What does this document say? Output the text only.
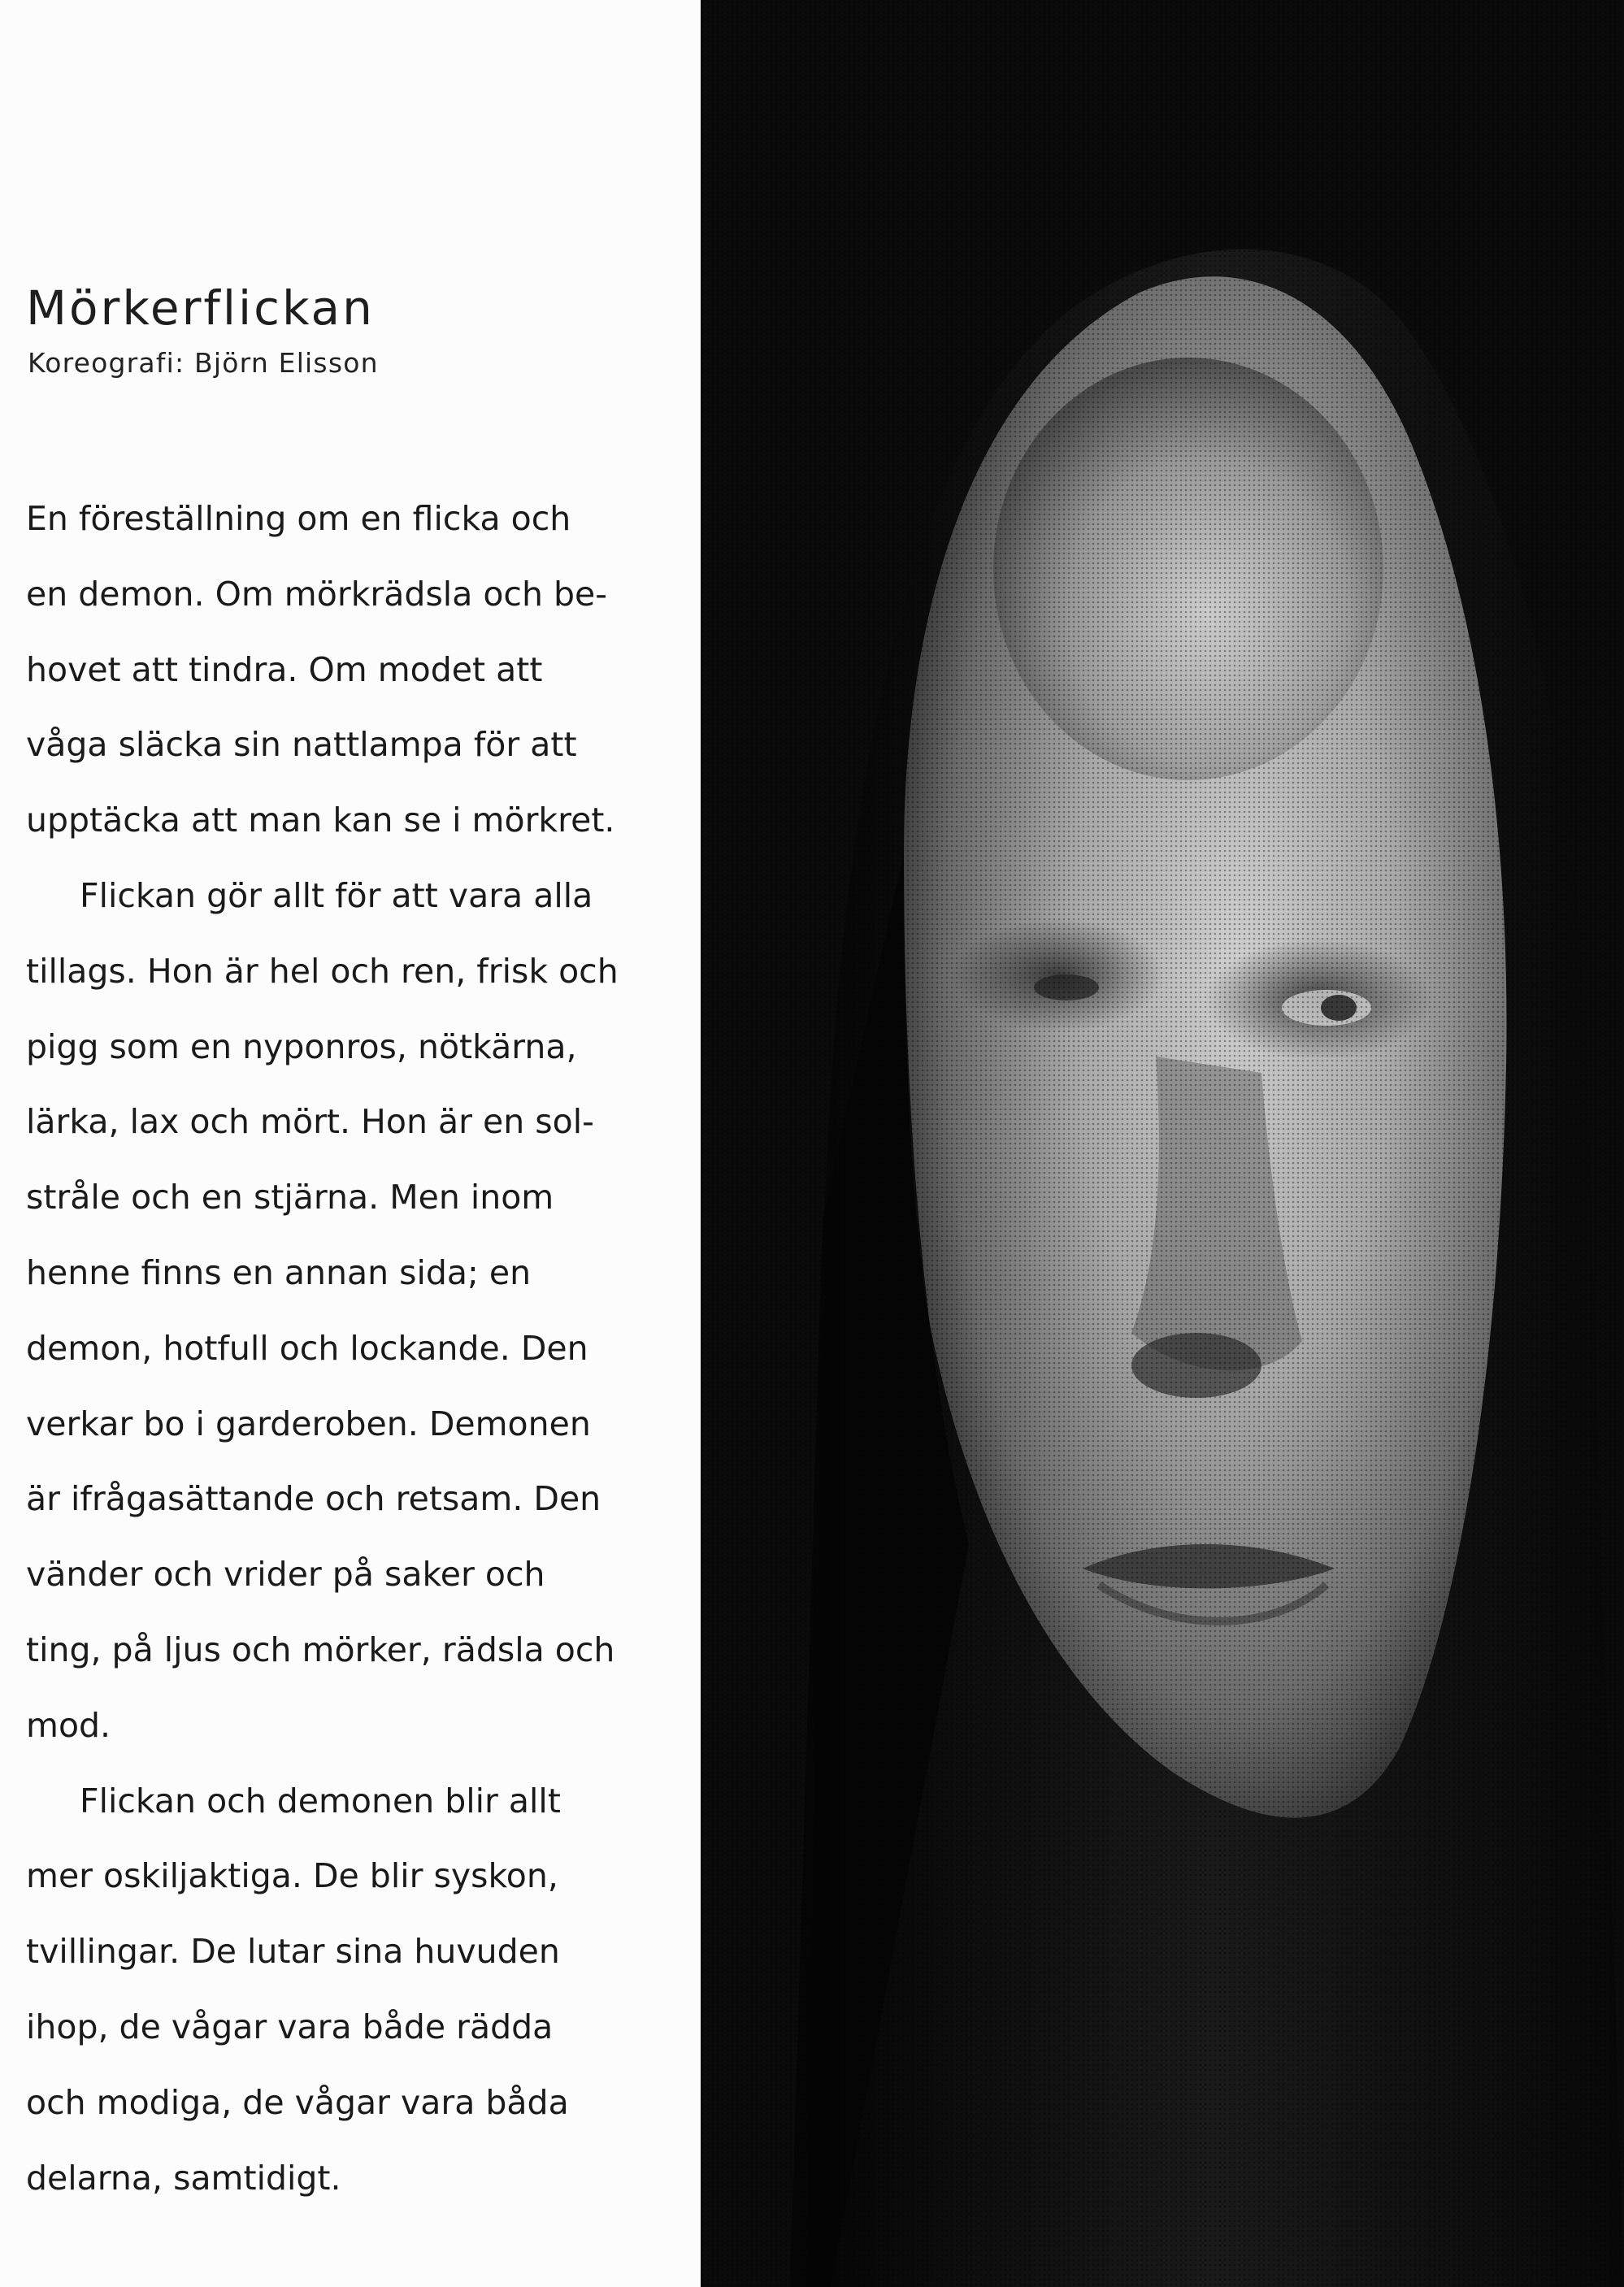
Mörkerflickan
Koreografi: Björn Elisson
En föreställning om en flicka och
en demon. Om mörkrädsla och be-
hovet att tindra. Om modet att
våga släcka sin nattlampa för att
upptäcka att man kan se i mörkret.
Flickan gör allt för att vara alla
tillags. Hon är hel och ren, frisk och
pigg som en nyponros, nötkärna,
lärka, lax och mört. Hon är en sol-
stråle och en stjärna. Men inom
henne finns en annan sida; en
demon, hotfull och lockande. Den
verkar bo i garderoben. Demonen
är ifrågasättande och retsam. Den
vänder och vrider på saker och
ting, på ljus och mörker, rädsla och
mod.
Flickan och demonen blir allt
mer oskiljaktiga. De blir syskon,
tvillingar. De lutar sina huvuden
ihop, de vågar vara både rädda
och modiga, de vågar vara båda
delarna, samtidigt.
